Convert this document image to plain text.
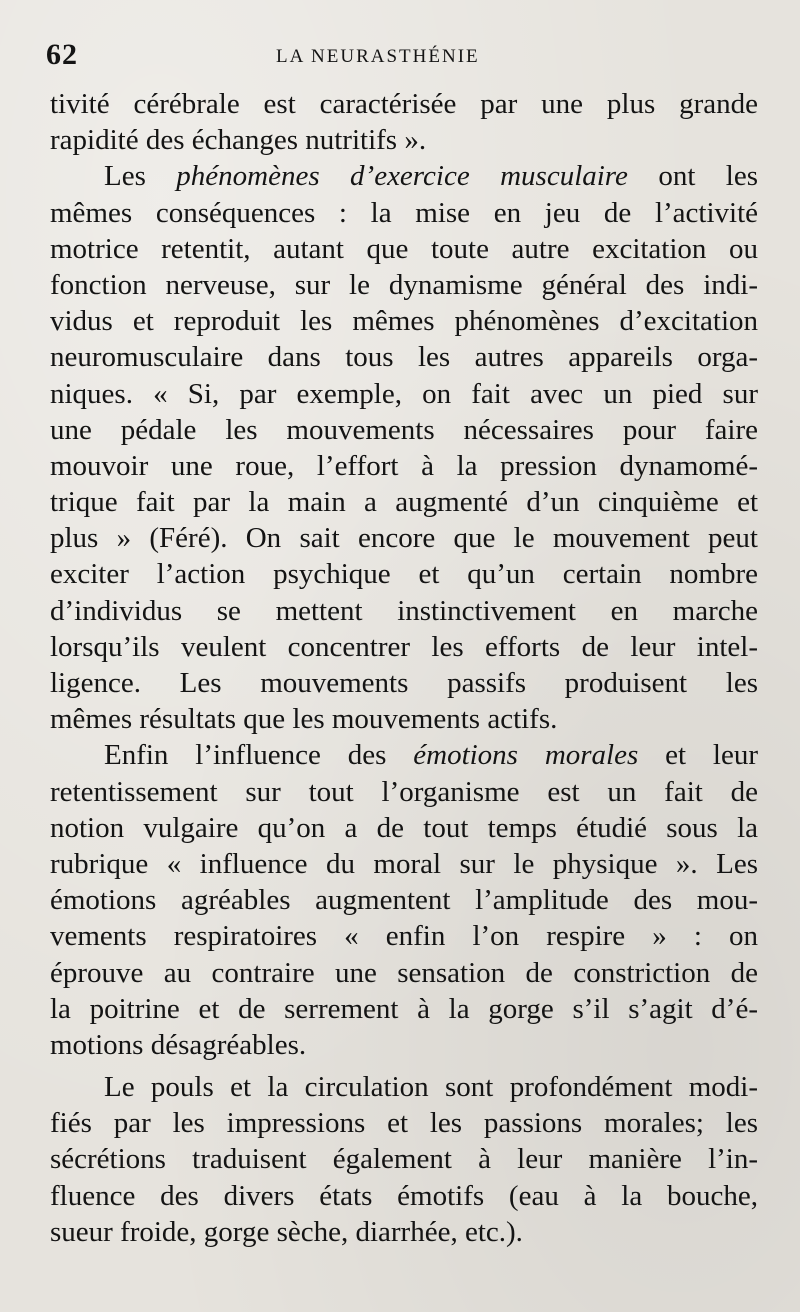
62	LA NEURASTHÉNIE
tivité cérébrale est caractérisée par une plus grande
rapidité des échanges nutritifs ».
Les phénomènes d’exercice musculaire ont les
mêmes conséquences : la mise en jeu de l’activité
motrice retentit, autant que toute autre excitation ou
fonction nerveuse, sur le dynamisme général des indi-
vidus et reproduit les mêmes phénomènes d’excitation
neuromusculaire dans tous les autres appareils orga-
niques. « Si, par exemple, on fait avec un pied sur
une pédale les mouvements nécessaires pour faire
mouvoir une roue, l’effort à la pression dynamomé-
trique fait par la main a augmenté d’un cinquième et
plus » (Féré). On sait encore que le mouvement peut
exciter l’action psychique et qu’un certain nombre
d’individus se mettent instinctivement en marche
lorsqu’ils veulent concentrer les efforts de leur intel-
ligence. Les mouvements passifs produisent les
mêmes résultats que les mouvements actifs.
Enfin l’influence des émotions morales et leur
retentissement sur tout l’organisme est un fait de
notion vulgaire qu’on a de tout temps étudié sous la
rubrique « influence du moral sur le physique ». Les
émotions agréables augmentent l’amplitude des mou-
vements respiratoires « enfin l’on respire » : on
éprouve au contraire une sensation de constriction de
la poitrine et de serrement à la gorge s’il s’agit d’é-
motions désagréables.
Le pouls et la circulation sont profondément modi-
fiés par les impressions et les passions morales; les
sécrétions traduisent également à leur manière l’in-
fluence des divers états émotifs (eau à la bouche,
sueur froide, gorge sèche, diarrhée, etc.).
